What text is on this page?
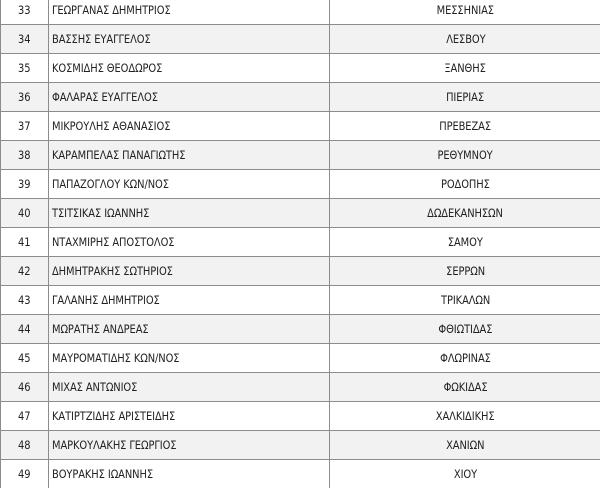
33	ΓΕΩΡΓΑΝΑΣ ΔΗΜΗΤΡΙΟΣ	ΜΕΣΣΗΝΙΑΣ
34	ΒΑΣΣΗΣ ΕΥΑΓΓΕΛΟΣ	ΛΕΣΒΟΥ
35	ΚΟΣΜΙΔΗΣ ΘΕΟΔΩΡΟΣ	ΞΑΝΘΗΣ
36	ΦΑΛΑΡΑΣ ΕΥΑΓΓΕΛΟΣ	ΠΙΕΡΙΑΣ
37	ΜΙΚΡΟΥΛΗΣ ΑΘΑΝΑΣΙΟΣ	ΠΡΕΒΕΖΑΣ
38	ΚΑΡΑΜΠΕΛΑΣ ΠΑΝΑΓΙΩΤΗΣ	ΡΕΘΥΜΝΟΥ
39	ΠΑΠΑΖΟΓΛΟΥ ΚΩΝ/ΝΟΣ	ΡΟΔΟΠΗΣ
40	ΤΣΙΤΣΙΚΑΣ ΙΩΑΝΝΗΣ	ΔΩΔΕΚΑΝΗΣΩΝ
41	ΝΤΑΧΜΙΡΗΣ ΑΠΟΣΤΟΛΟΣ	ΣΑΜΟΥ
42	ΔΗΜΗΤΡΑΚΗΣ ΣΩΤΗΡΙΟΣ	ΣΕΡΡΩΝ
43	ΓΑΛΑΝΗΣ ΔΗΜΗΤΡΙΟΣ	ΤΡΙΚΑΛΩΝ
44	ΜΩΡΑΤΗΣ ΑΝΔΡΕΑΣ	ΦΘΙΩΤΙΔΑΣ
45	ΜΑΥΡΟΜΑΤΙΔΗΣ ΚΩΝ/ΝΟΣ	ΦΛΩΡΙΝΑΣ
46	ΜΙΧΑΣ ΑΝΤΩΝΙΟΣ	ΦΩΚΙΔΑΣ
47	ΚΑΤΙΡΤΖΙΔΗΣ ΑΡΙΣΤΕΙΔΗΣ	ΧΑΛΚΙΔΙΚΗΣ
48	ΜΑΡΚΟΥΛΑΚΗΣ ΓΕΩΡΓΙΟΣ	ΧΑΝΙΩΝ
49	ΒΟΥΡΑΚΗΣ ΙΩΑΝΝΗΣ	ΧΙΟΥ
